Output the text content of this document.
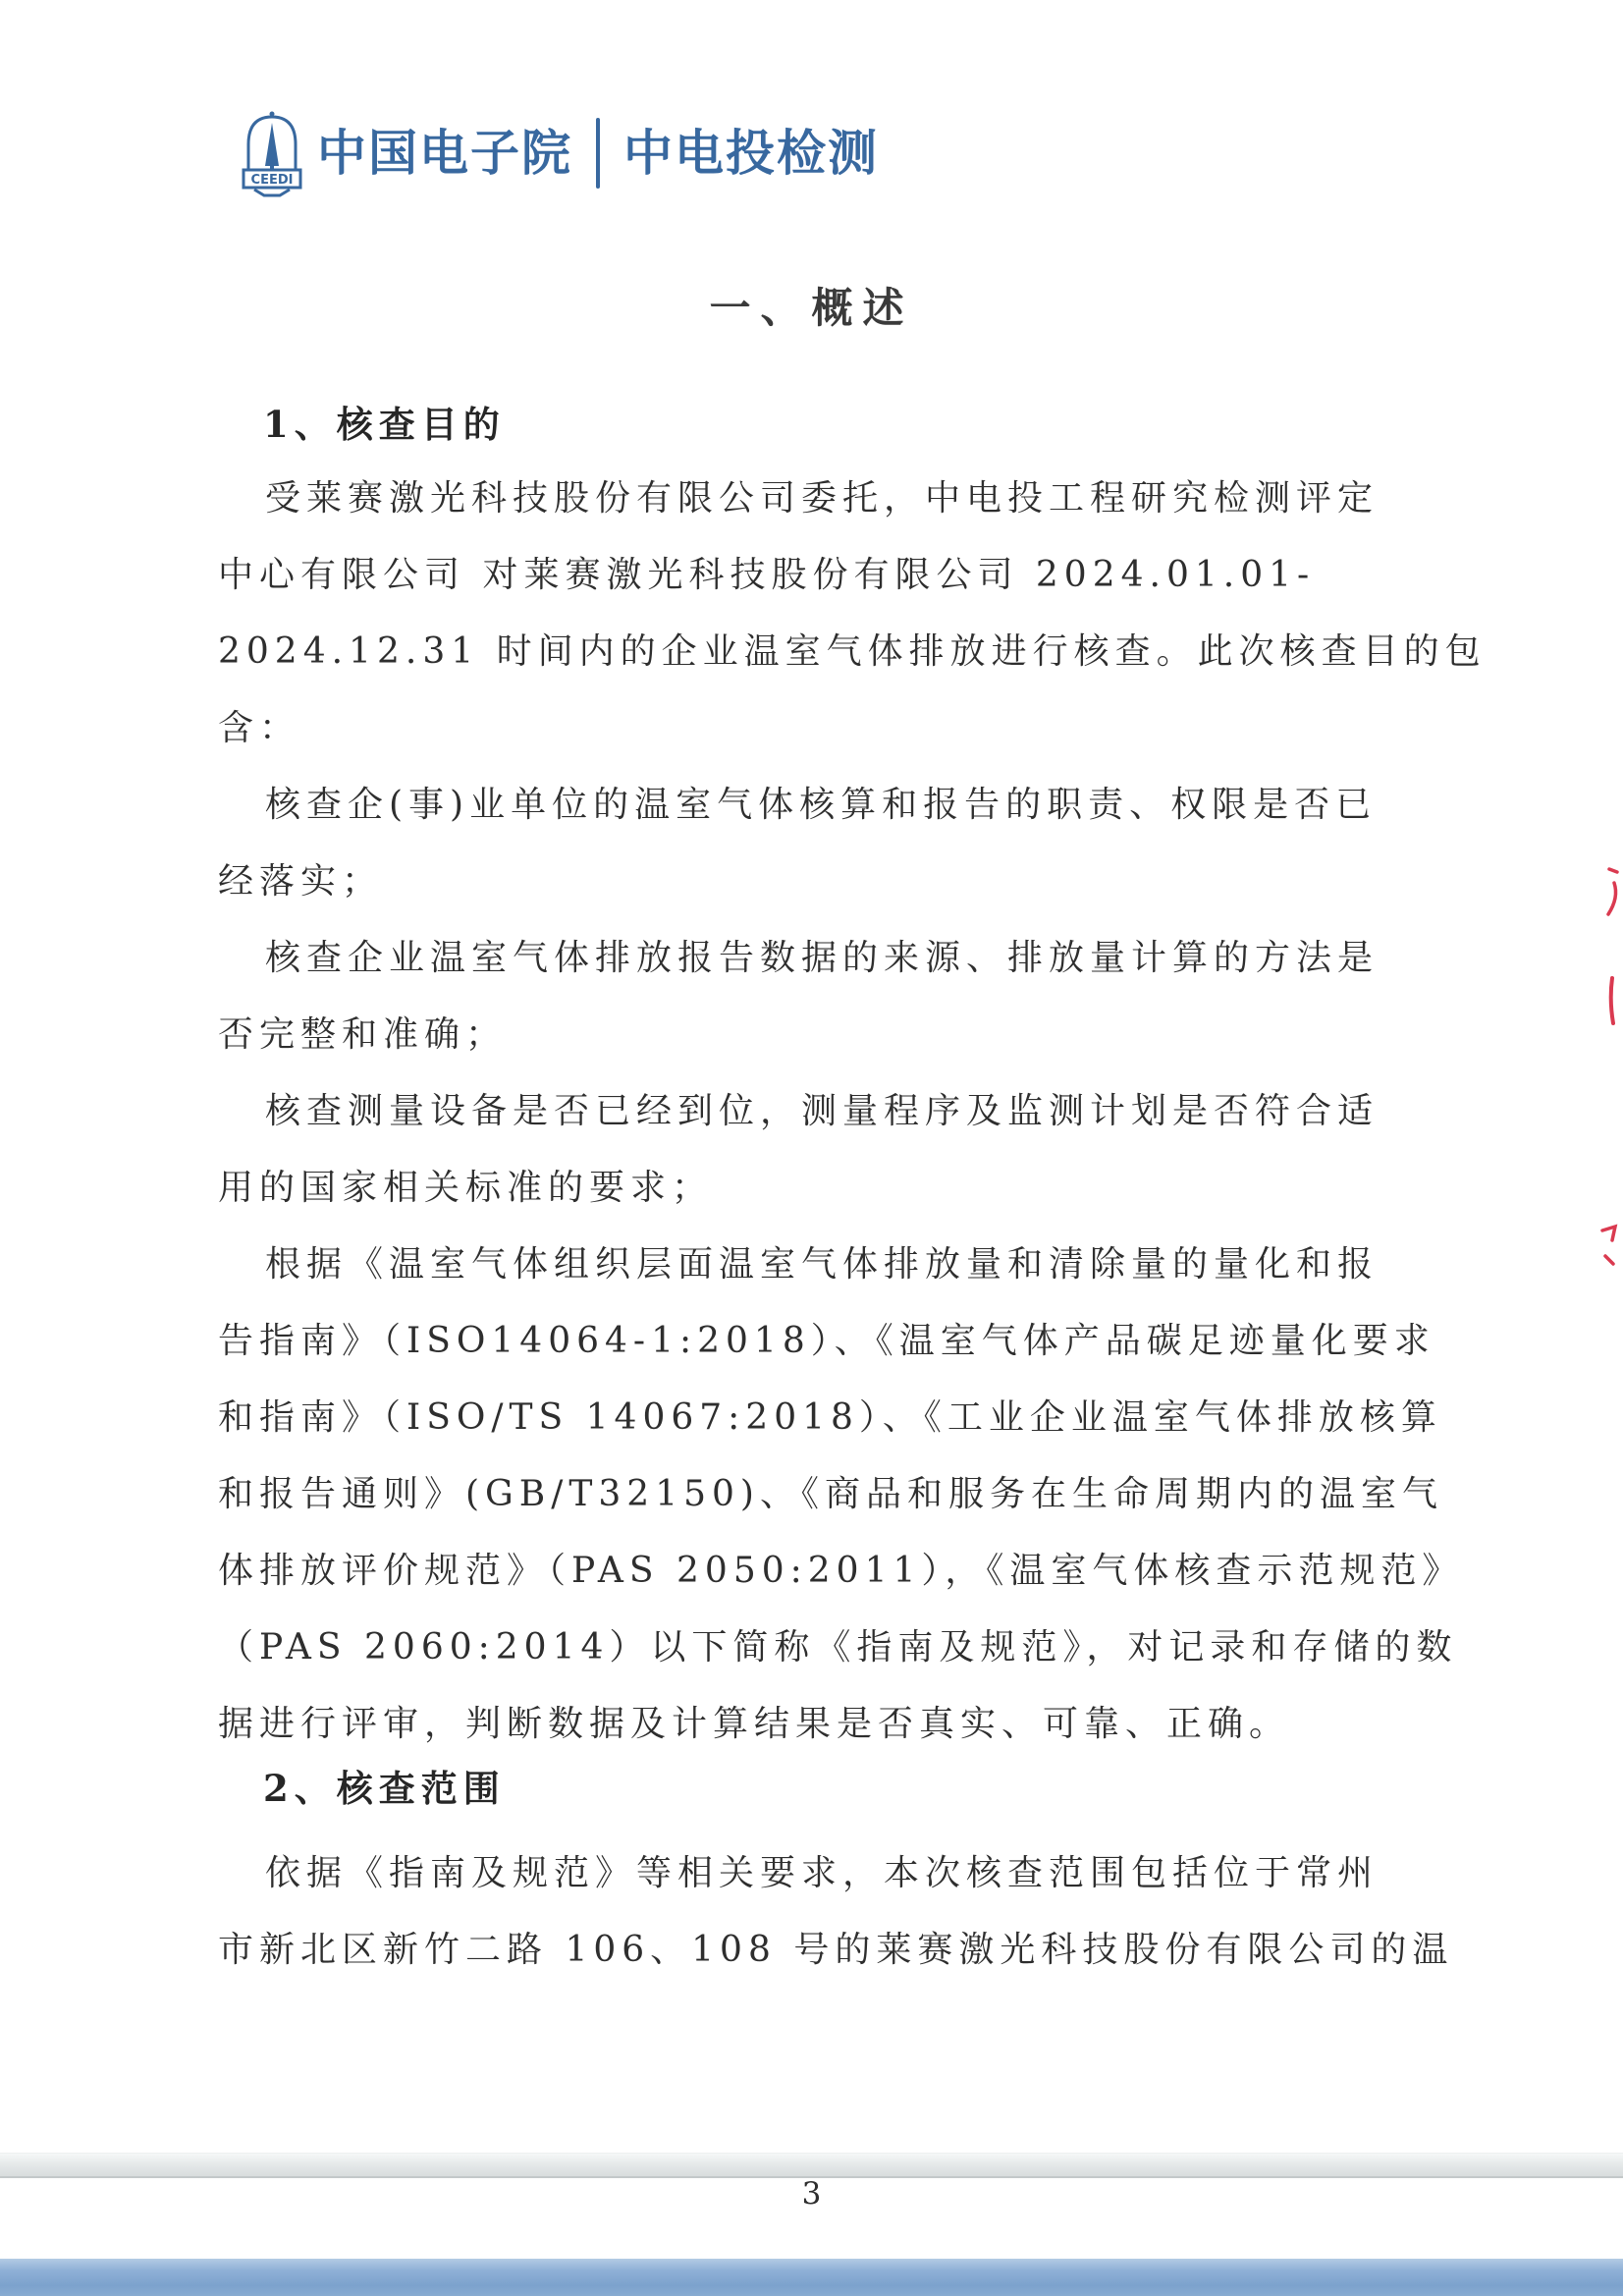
CEEDI 中国电子院 中电投检测
一、概述
1、核查目的
受莱赛激光科技股份有限公司委托，中电投工程研究检测评定
中心有限公司 对莱赛激光科技股份有限公司 2024.01.01-
2024.12.31 时间内的企业温室气体排放进行核查。此次核查目的包
含：
核查企(事)业单位的温室气体核算和报告的职责、权限是否已
经落实；
核查企业温室气体排放报告数据的来源、排放量计算的方法是
否完整和准确；
核查测量设备是否已经到位，测量程序及监测计划是否符合适
用的国家相关标准的要求；
根据《温室气体组织层面温室气体排放量和清除量的量化和报
告指南》（ISO14064-1:2018）、《温室气体产品碳足迹量化要求
和指南》（ISO/TS 14067:2018）、《工业企业温室气体排放核算
和报告通则》(GB/T32150)、《商品和服务在生命周期内的温室气
体排放评价规范》（PAS 2050:2011），《温室气体核查示范规范》
（PAS 2060:2014）以下简称《指南及规范》，对记录和存储的数
据进行评审，判断数据及计算结果是否真实、可靠、正确。
2、核查范围
依据《指南及规范》等相关要求，本次核查范围包括位于常州
市新北区新竹二路 106、108 号的莱赛激光科技股份有限公司的温
3
